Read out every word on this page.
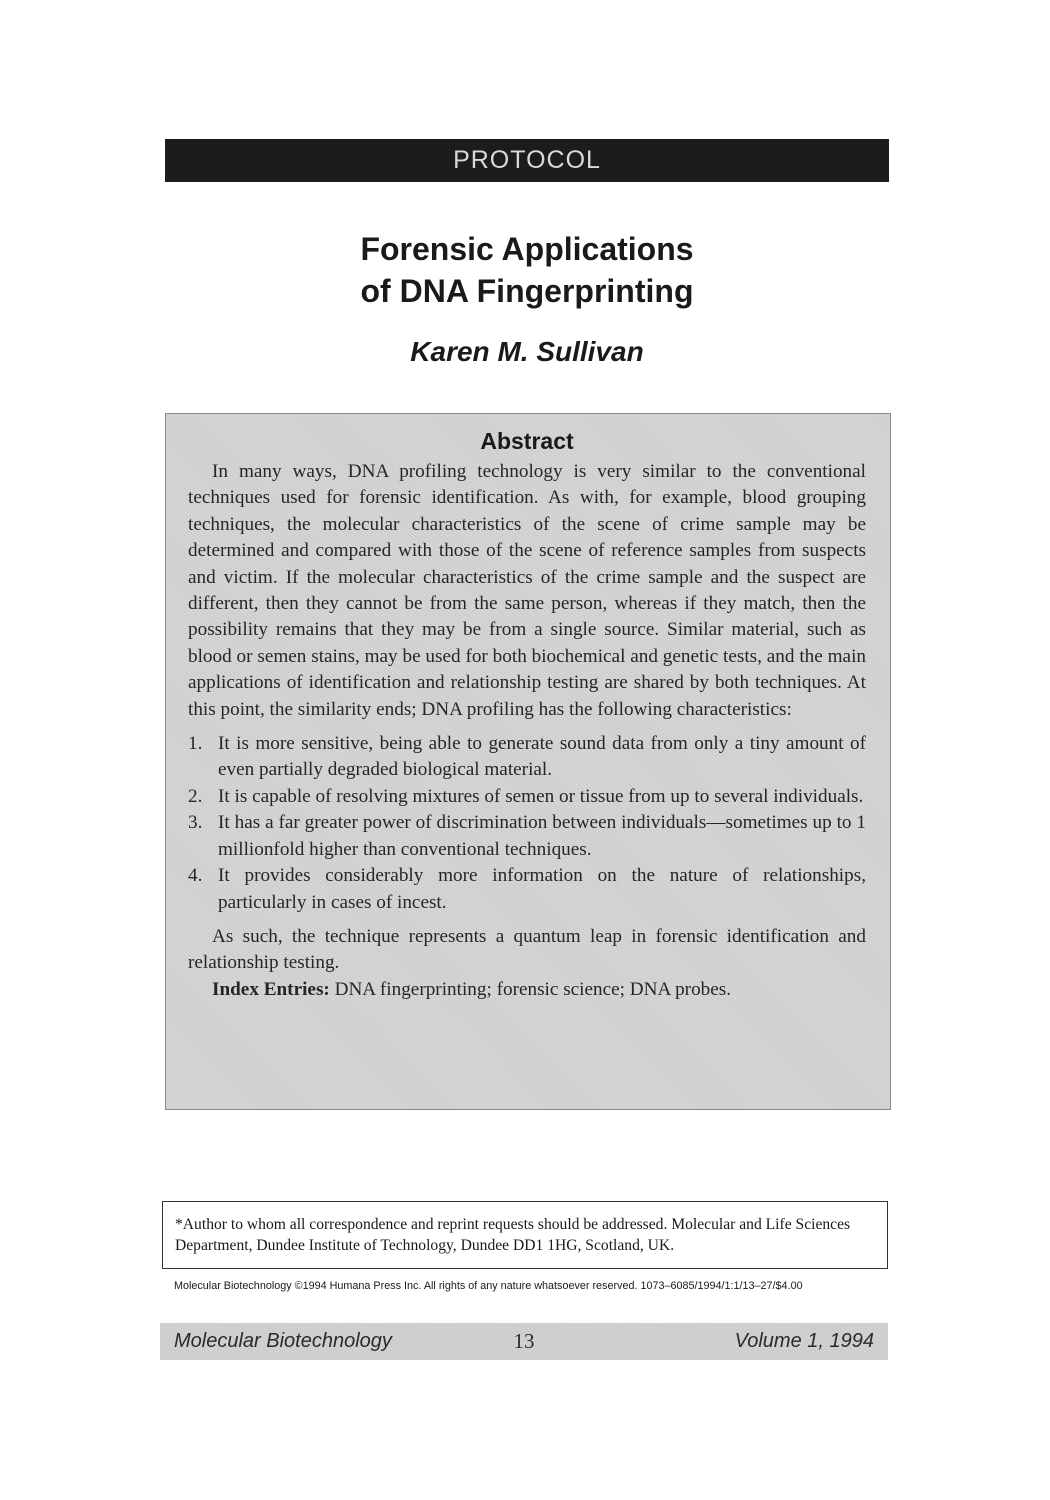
PROTOCOL
Forensic Applications
of DNA Fingerprinting
Karen M. Sullivan
Abstract

In many ways, DNA profiling technology is very similar to the conventional techniques used for forensic identification. As with, for example, blood grouping techniques, the molecular characteristics of the scene of crime sample may be determined and compared with those of the scene of reference samples from suspects and victim. If the molecular characteristics of the crime sample and the suspect are different, then they cannot be from the same person, whereas if they match, then the possibility remains that they may be from a single source. Similar material, such as blood or semen stains, may be used for both biochemical and genetic tests, and the main applications of identification and relationship testing are shared by both techniques. At this point, the similarity ends; DNA profiling has the following characteristics:

1. It is more sensitive, being able to generate sound data from only a tiny amount of even partially degraded biological material.
2. It is capable of resolving mixtures of semen or tissue from up to several individuals.
3. It has a far greater power of discrimination between individuals—sometimes up to 1 millionfold higher than conventional techniques.
4. It provides considerably more information on the nature of relationships, particularly in cases of incest.

As such, the technique represents a quantum leap in forensic identification and relationship testing.

Index Entries: DNA fingerprinting; forensic science; DNA probes.

*Author to whom all correspondence and reprint requests should be addressed. Molecular and Life Sciences Department, Dundee Institute of Technology, Dundee DD1 1HG, Scotland, UK.
Molecular Biotechnology ©1994 Humana Press Inc. All rights of any nature whatsoever reserved. 1073–6085/1994/1:1/13–27/$4.00
Molecular Biotechnology	13	Volume 1, 1994
